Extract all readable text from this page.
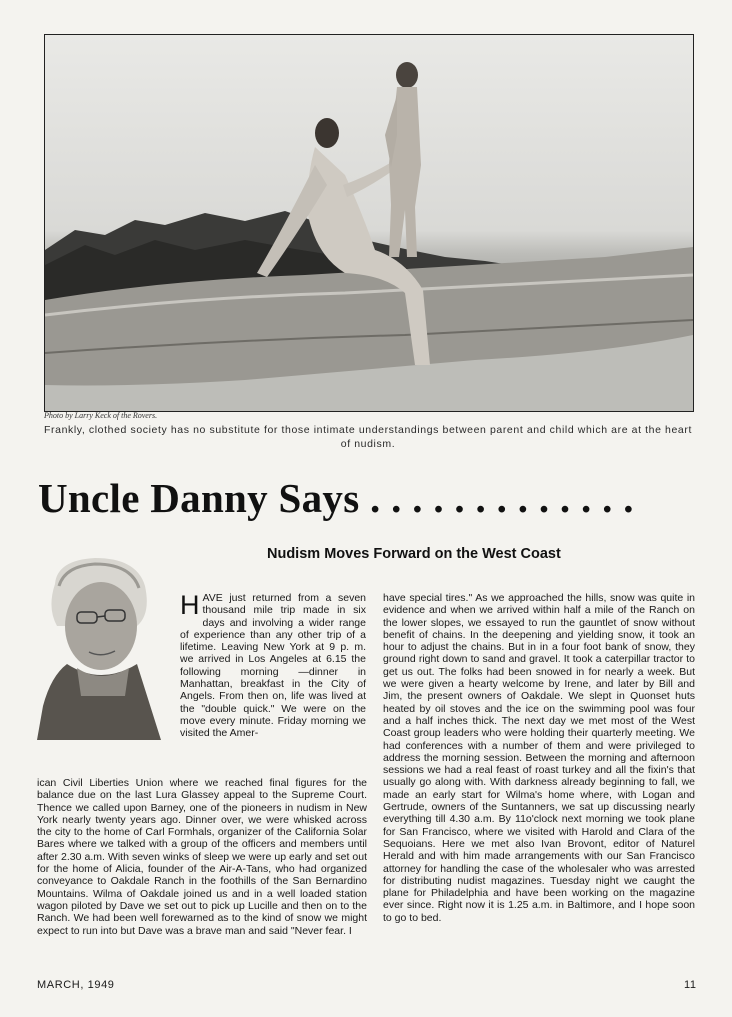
Photo by Larry Keck of the Rovers.
Frankly, clothed society has no substitute for those intimate understandings between parent and child which are at the heart of nudism.
Uncle Danny Says . . . . . . . . . . . . .
Nudism Moves Forward on the West Coast
HAVE just returned from a seven thousand mile trip made in six days and involving a wider range of experience than any other trip of a lifetime. Leaving New York at 9 p. m. we arrived in Los Angeles at 6.15 the following morning —dinner in Manhattan, breakfast in the City of Angels. From then on, life was lived at the "double quick." We were on the move every minute. Friday morning we visited the Amer-
ican Civil Liberties Union where we reached final figures for the balance due on the last Lura Glassey appeal to the Supreme Court. Thence we called upon Barney, one of the pioneers in nudism in New York nearly twenty years ago. Dinner over, we were whisked across the city to the home of Carl Formhals, organizer of the California Solar Bares where we talked with a group of the officers and members until after 2.30 a.m. With seven winks of sleep we were up early and set out for the home of Alicia, founder of the Air-A-Tans, who had organized conveyance to Oakdale Ranch in the foothills of the San Bernardino Mountains. Wilma of Oakdale joined us and in a well loaded station wagon piloted by Dave we set out to pick up Lucille and then on to the Ranch. We had been well forewarned as to the kind of snow we might expect to run into but Dave was a brave man and said "Never fear. I
have special tires." As we approached the hills, snow was quite in evidence and when we arrived within half a mile of the Ranch on the lower slopes, we essayed to run the gauntlet of snow without benefit of chains. In the deepening and yielding snow, it took an hour to adjust the chains. But in in a four foot bank of snow, they ground right down to sand and gravel. It took a caterpillar tractor to get us out. The folks had been snowed in for nearly a week. But we were given a hearty welcome by Irene, and later by Bill and Jim, the present owners of Oakdale. We slept in Quonset huts heated by oil stoves and the ice on the swimming pool was four and a half inches thick. The next day we met most of the West Coast group leaders who were holding their quarterly meeting. We had conferences with a number of them and were privileged to address the morning session. Between the morning and afternoon sessions we had a real feast of roast turkey and all the fixin's that usually go along with. With darkness already beginning to fall, we made an early start for Wilma's home where, with Logan and Gertrude, owners of the Suntanners, we sat up discussing nearly everything till 4.30 a.m. By 11o'clock next morning we took plane for San Francisco, where we visited with Harold and Clara of the Sequoians. Here we met also Ivan Brovont, editor of Naturel Herald and with him made arrangements with our San Francisco attorney for handling the case of the wholesaler who was arrested for distributing nudist magazines. Tuesday night we caught the plane for Philadelphia and have been working on the magazine ever since. Right now it is 1.25 a.m. in Baltimore, and I hope soon to go to bed.
MARCH, 1949	11
